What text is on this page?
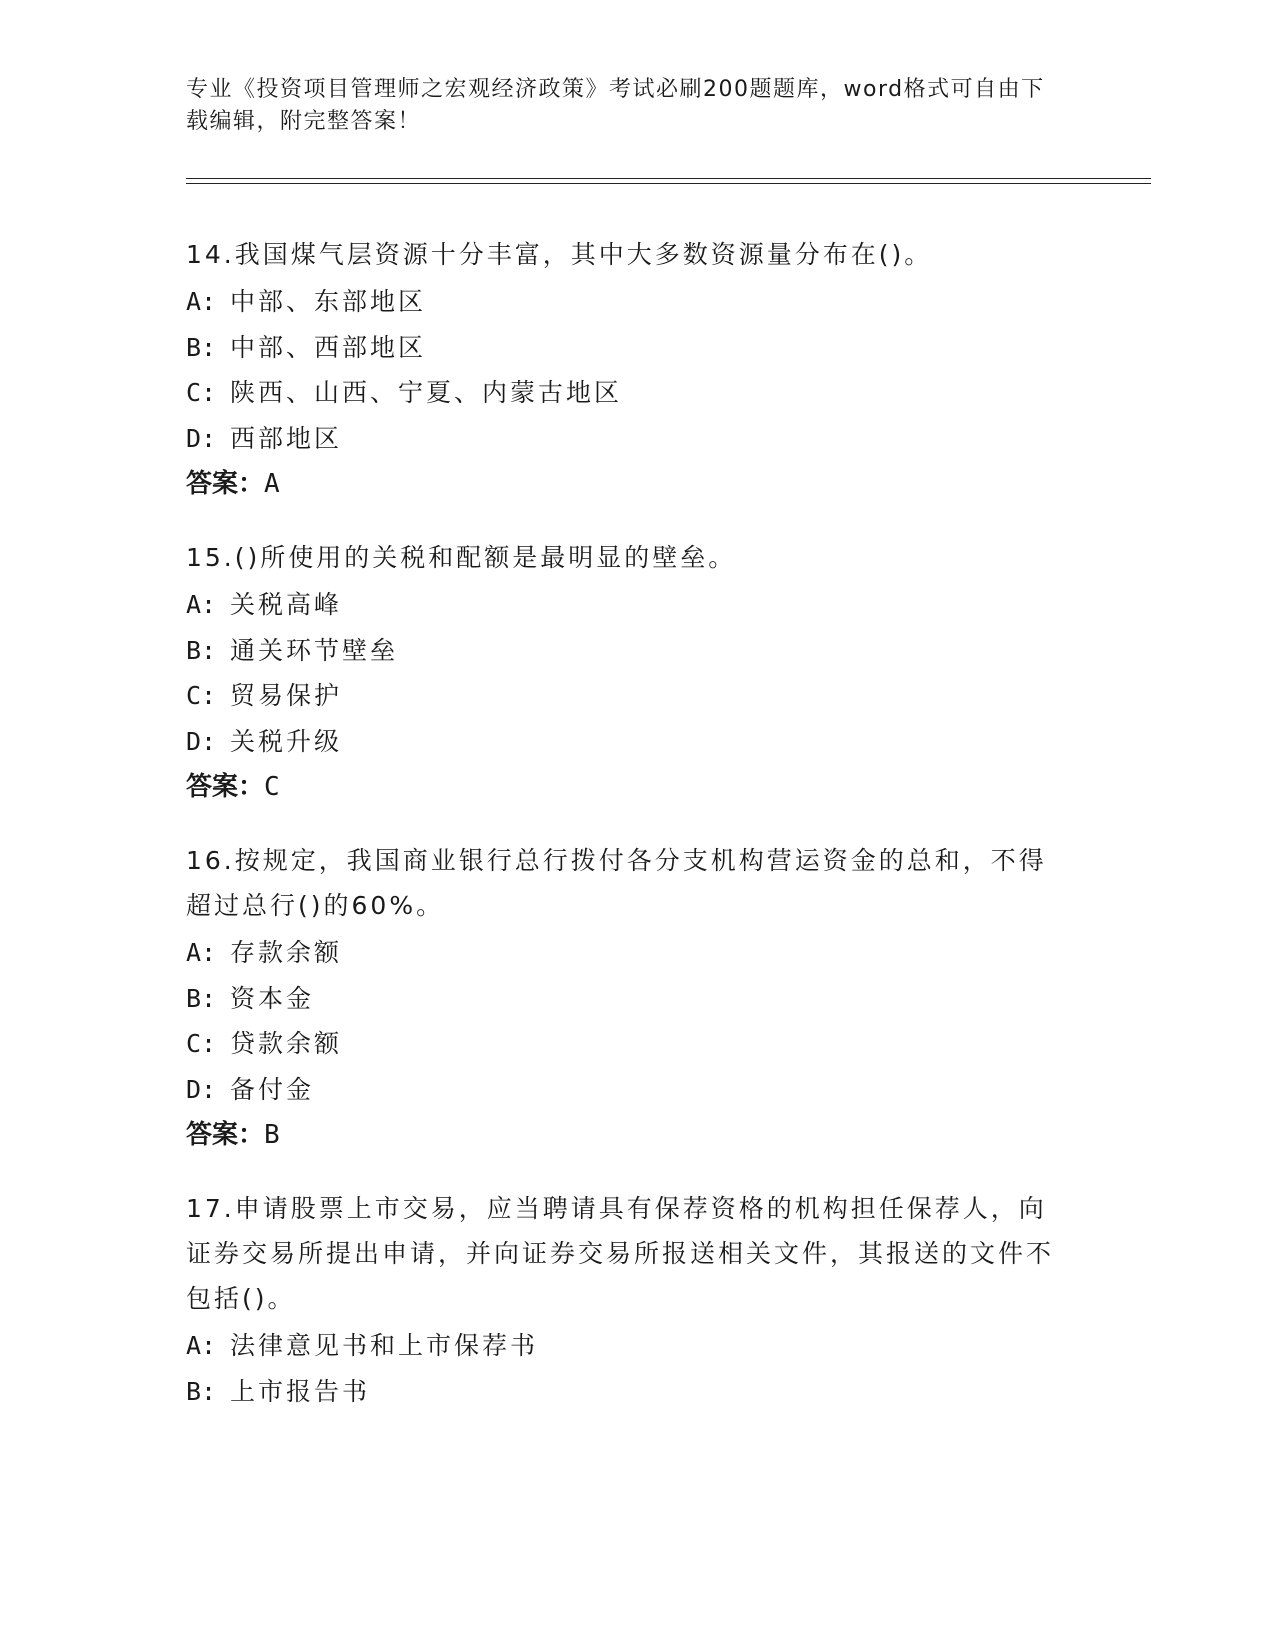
专业《投资项目管理师之宏观经济政策》考试必刷200题题库，word格式可自由下载编辑，附完整答案！

14.我国煤气层资源十分丰富，其中大多数资源量分布在()。

A: 中部、东部地区
B: 中部、西部地区
C: 陕西、山西、宁夏、内蒙古地区
D: 西部地区
答案：A

15.()所使用的关税和配额是最明显的壁垒。

A: 关税高峰
B: 通关环节壁垒
C: 贸易保护
D: 关税升级
答案：C

16.按规定，我国商业银行总行拨付各分支机构营运资金的总和，不得超过总行()的60%。

A: 存款余额
B: 资本金
C: 贷款余额
D: 备付金
答案：B

17.申请股票上市交易，应当聘请具有保荐资格的机构担任保荐人，向证券交易所提出申请，并向证券交易所报送相关文件，其报送的文件不包括()。

A: 法律意见书和上市保荐书
B: 上市报告书
